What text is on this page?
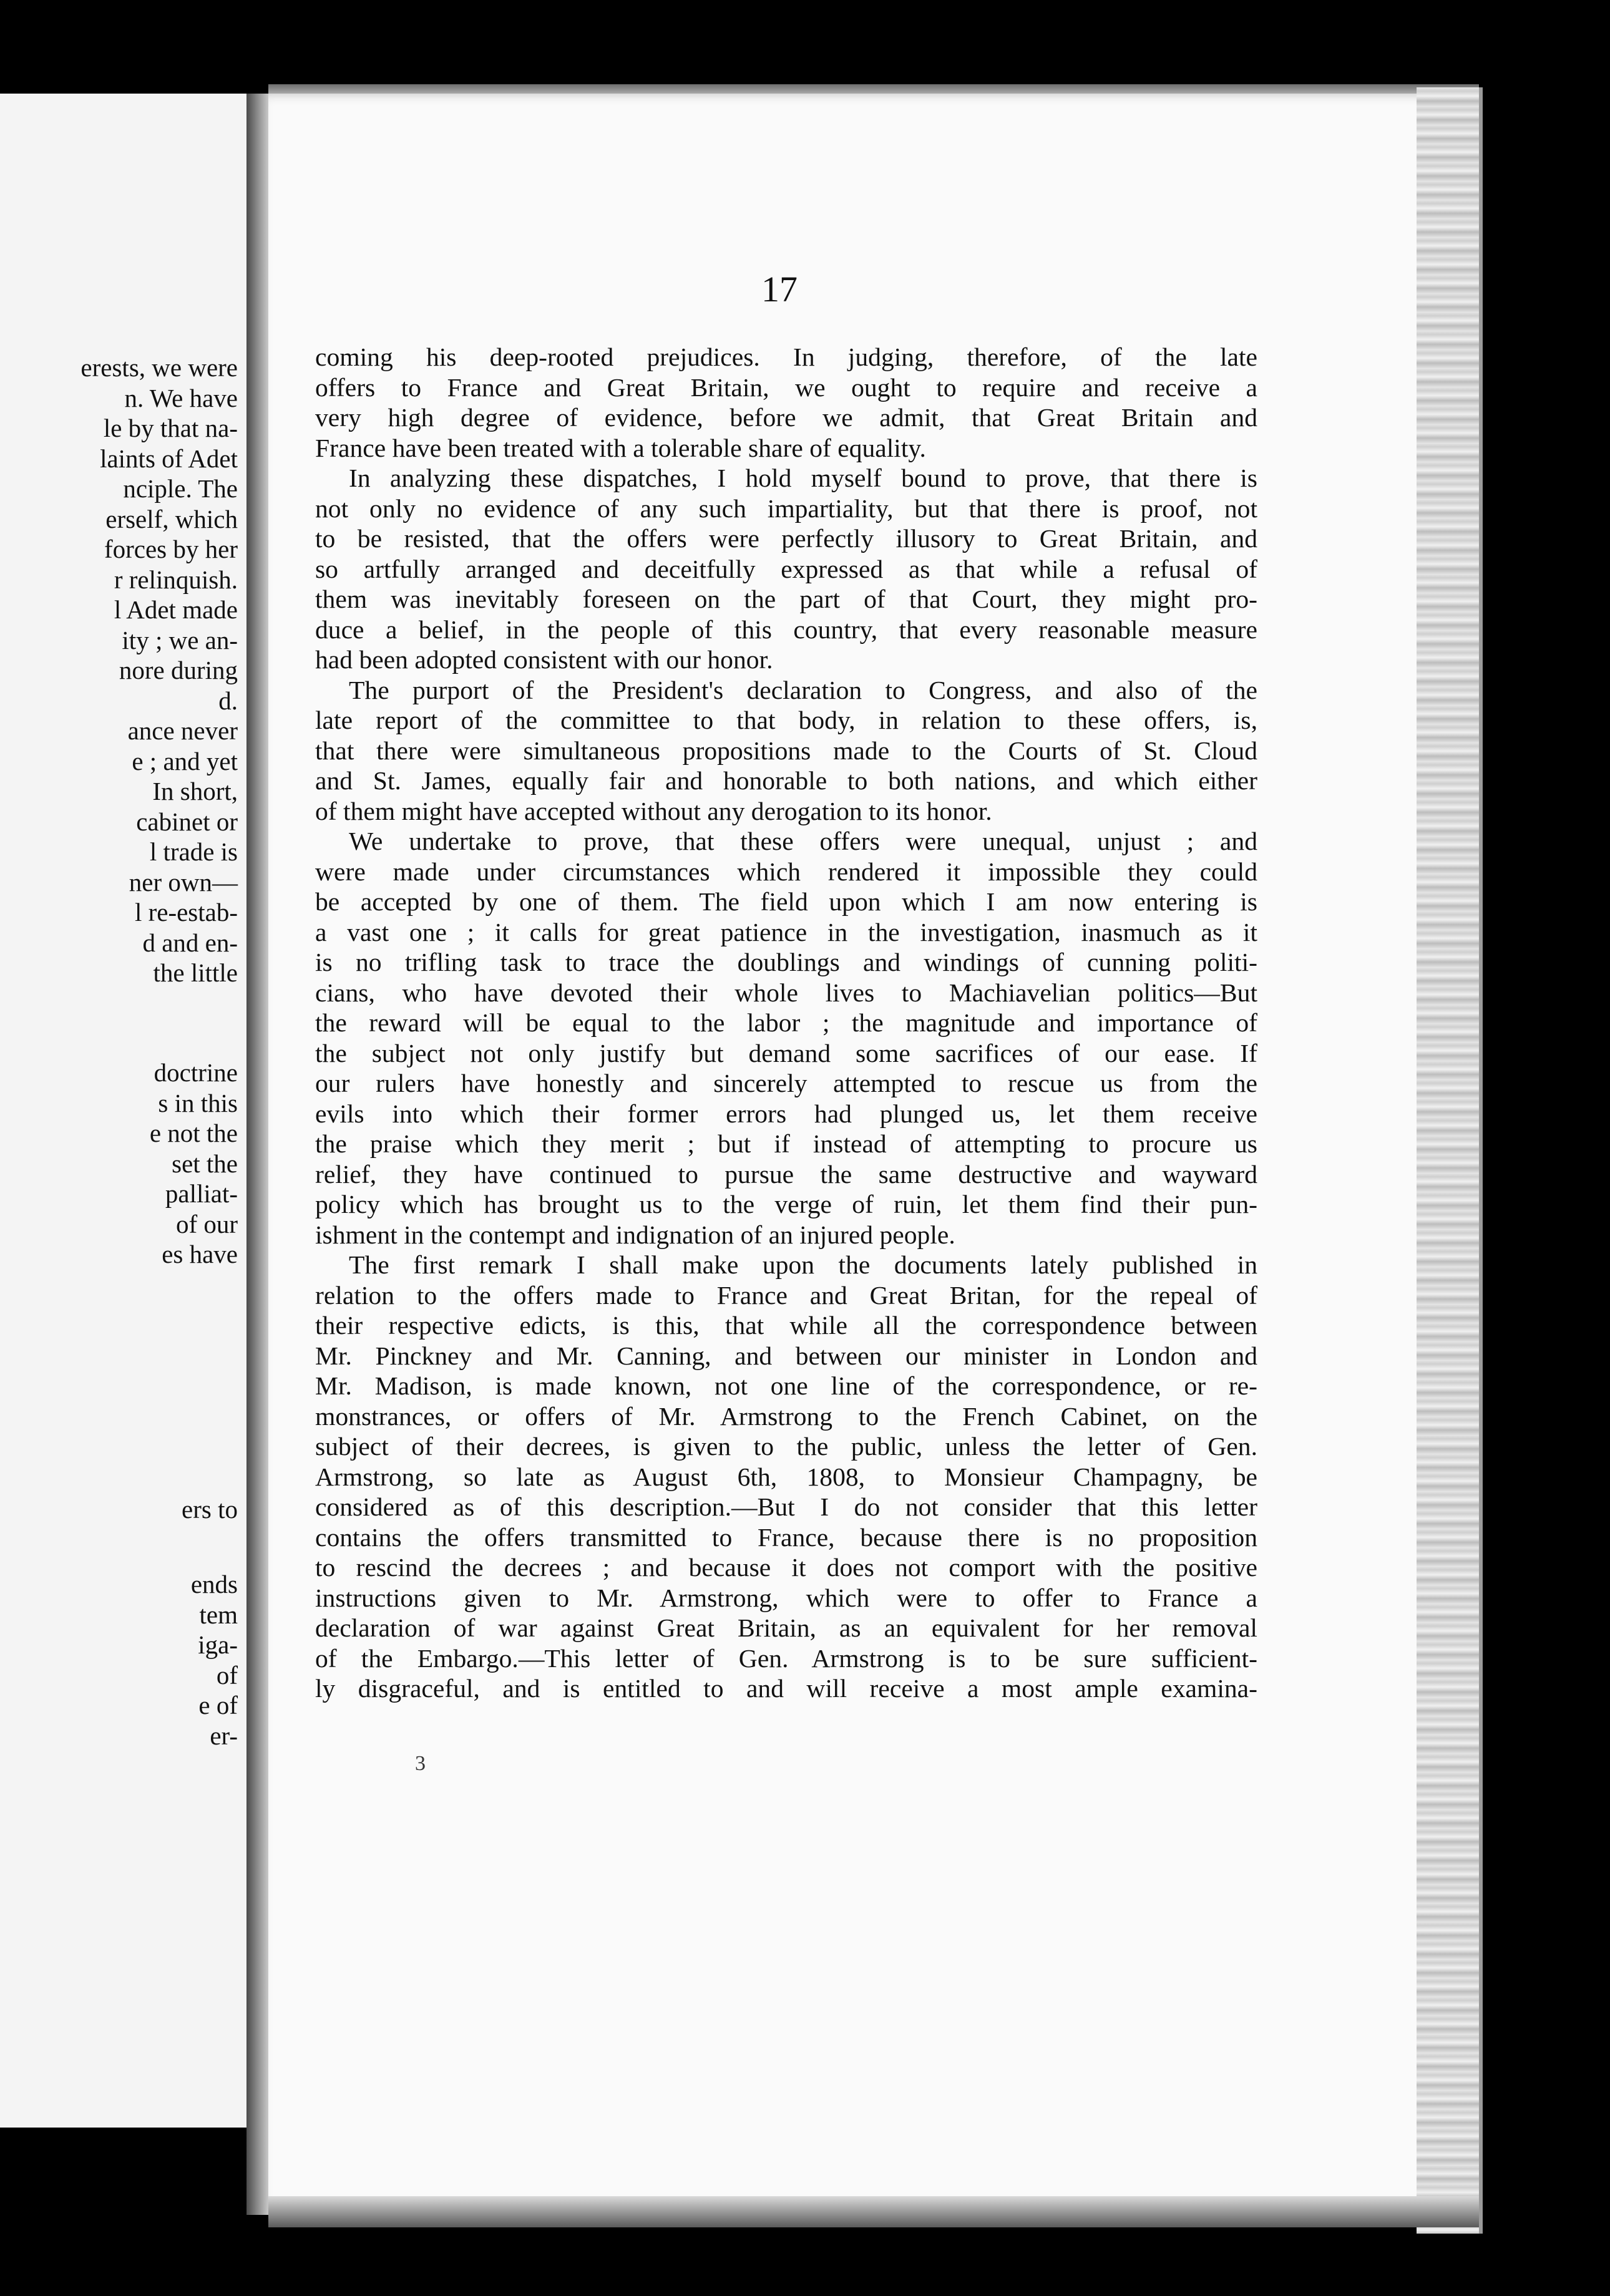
erests, we were
n. We have
le by that na-
laints of Adet
nciple. The
erself, which
forces by her
r relinquish.
l Adet made
ity ; we an-
nore during
d.
ance never
e ; and yet
In short,
cabinet or
l trade is
ner own—
l re-estab-
d and en-
the little
doctrine
s in this
e not the
set the
palliat-
of our
es have
ers to
ends
tem
iga-
of
e of
er-
17
coming his deep-rooted prejudices. In judging, therefore, of the late
offers to France and Great Britain, we ought to require and receive a
very high degree of evidence, before we admit, that Great Britain and
France have been treated with a tolerable share of equality.
In analyzing these dispatches, I hold myself bound to prove, that there is
not only no evidence of any such impartiality, but that there is proof, not
to be resisted, that the offers were perfectly illusory to Great Britain, and
so artfully arranged and deceitfully expressed as that while a refusal of
them was inevitably foreseen on the part of that Court, they might pro-
duce a belief, in the people of this country, that every reasonable measure
had been adopted consistent with our honor.
The purport of the President's declaration to Congress, and also of the
late report of the committee to that body, in relation to these offers, is,
that there were simultaneous propositions made to the Courts of St. Cloud
and St. James, equally fair and honorable to both nations, and which either
of them might have accepted without any derogation to its honor.
We undertake to prove, that these offers were unequal, unjust ; and
were made under circumstances which rendered it impossible they could
be accepted by one of them. The field upon which I am now entering is
a vast one ; it calls for great patience in the investigation, inasmuch as it
is no trifling task to trace the doublings and windings of cunning politi-
cians, who have devoted their whole lives to Machiavelian politics—But
the reward will be equal to the labor ; the magnitude and importance of
the subject not only justify but demand some sacrifices of our ease. If
our rulers have honestly and sincerely attempted to rescue us from the
evils into which their former errors had plunged us, let them receive
the praise which they merit ; but if instead of attempting to procure us
relief, they have continued to pursue the same destructive and wayward
policy which has brought us to the verge of ruin, let them find their pun-
ishment in the contempt and indignation of an injured people.
The first remark I shall make upon the documents lately published in
relation to the offers made to France and Great Britan, for the repeal of
their respective edicts, is this, that while all the correspondence between
Mr. Pinckney and Mr. Canning, and between our minister in London and
Mr. Madison, is made known, not one line of the correspondence, or re-
monstrances, or offers of Mr. Armstrong to the French Cabinet, on the
subject of their decrees, is given to the public, unless the letter of Gen.
Armstrong, so late as August 6th, 1808, to Monsieur Champagny, be
considered as of this description.—But I do not consider that this letter
contains the offers transmitted to France, because there is no proposition
to rescind the decrees ; and because it does not comport with the positive
instructions given to Mr. Armstrong, which were to offer to France a
declaration of war against Great Britain, as an equivalent for her removal
of the Embargo.—This letter of Gen. Armstrong is to be sure sufficient-
ly disgraceful, and is entitled to and will receive a most ample examina-
3
